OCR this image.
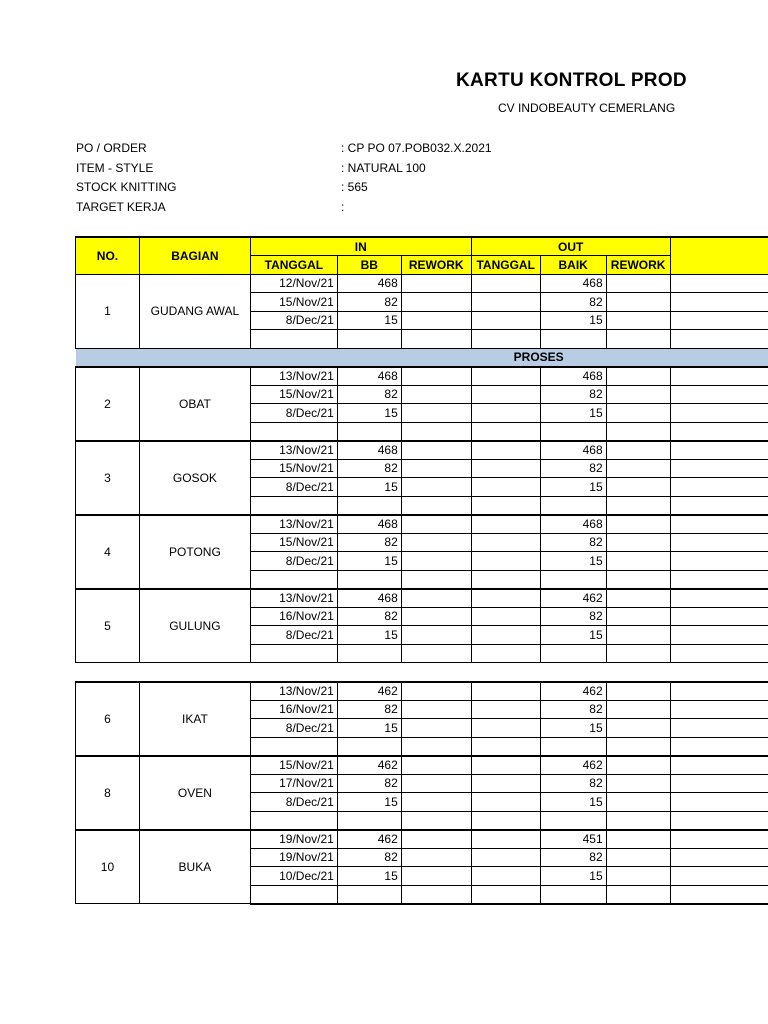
KARTU KONTROL PROD
CV INDOBEAUTY CEMERLANG
PO / ORDER	: CP PO 07.POB032.X.2021
ITEM - STYLE	: NATURAL 100
STOCK KNITTING	: 565
TARGET KERJA	:
NO.	BAGIAN	IN			OUT			
		TANGGAL	BB	REWORK	TANGGAL	BAIK	REWORK	
1	GUDANG AWAL	12/Nov/21	468			468		
		15/Nov/21	82			82		
		8/Dec/21	15			15		

					PROSES			
2	OBAT	13/Nov/21	468			468		
		15/Nov/21	82			82		
		8/Dec/21	15			15		

3	GOSOK	13/Nov/21	468			468		
		15/Nov/21	82			82		
		8/Dec/21	15			15		

4	POTONG	13/Nov/21	468			468		
		15/Nov/21	82			82		
		8/Dec/21	15			15		

5	GULUNG	13/Nov/21	468			462		
		16/Nov/21	82			82		
		8/Dec/21	15			15		

6	IKAT	13/Nov/21	462			462		
		16/Nov/21	82			82		
		8/Dec/21	15			15		

8	OVEN	15/Nov/21	462			462		
		17/Nov/21	82			82		
		8/Dec/21	15			15		

10	BUKA	19/Nov/21	462			451		
		19/Nov/21	82			82		
		10/Dec/21	15			15		
